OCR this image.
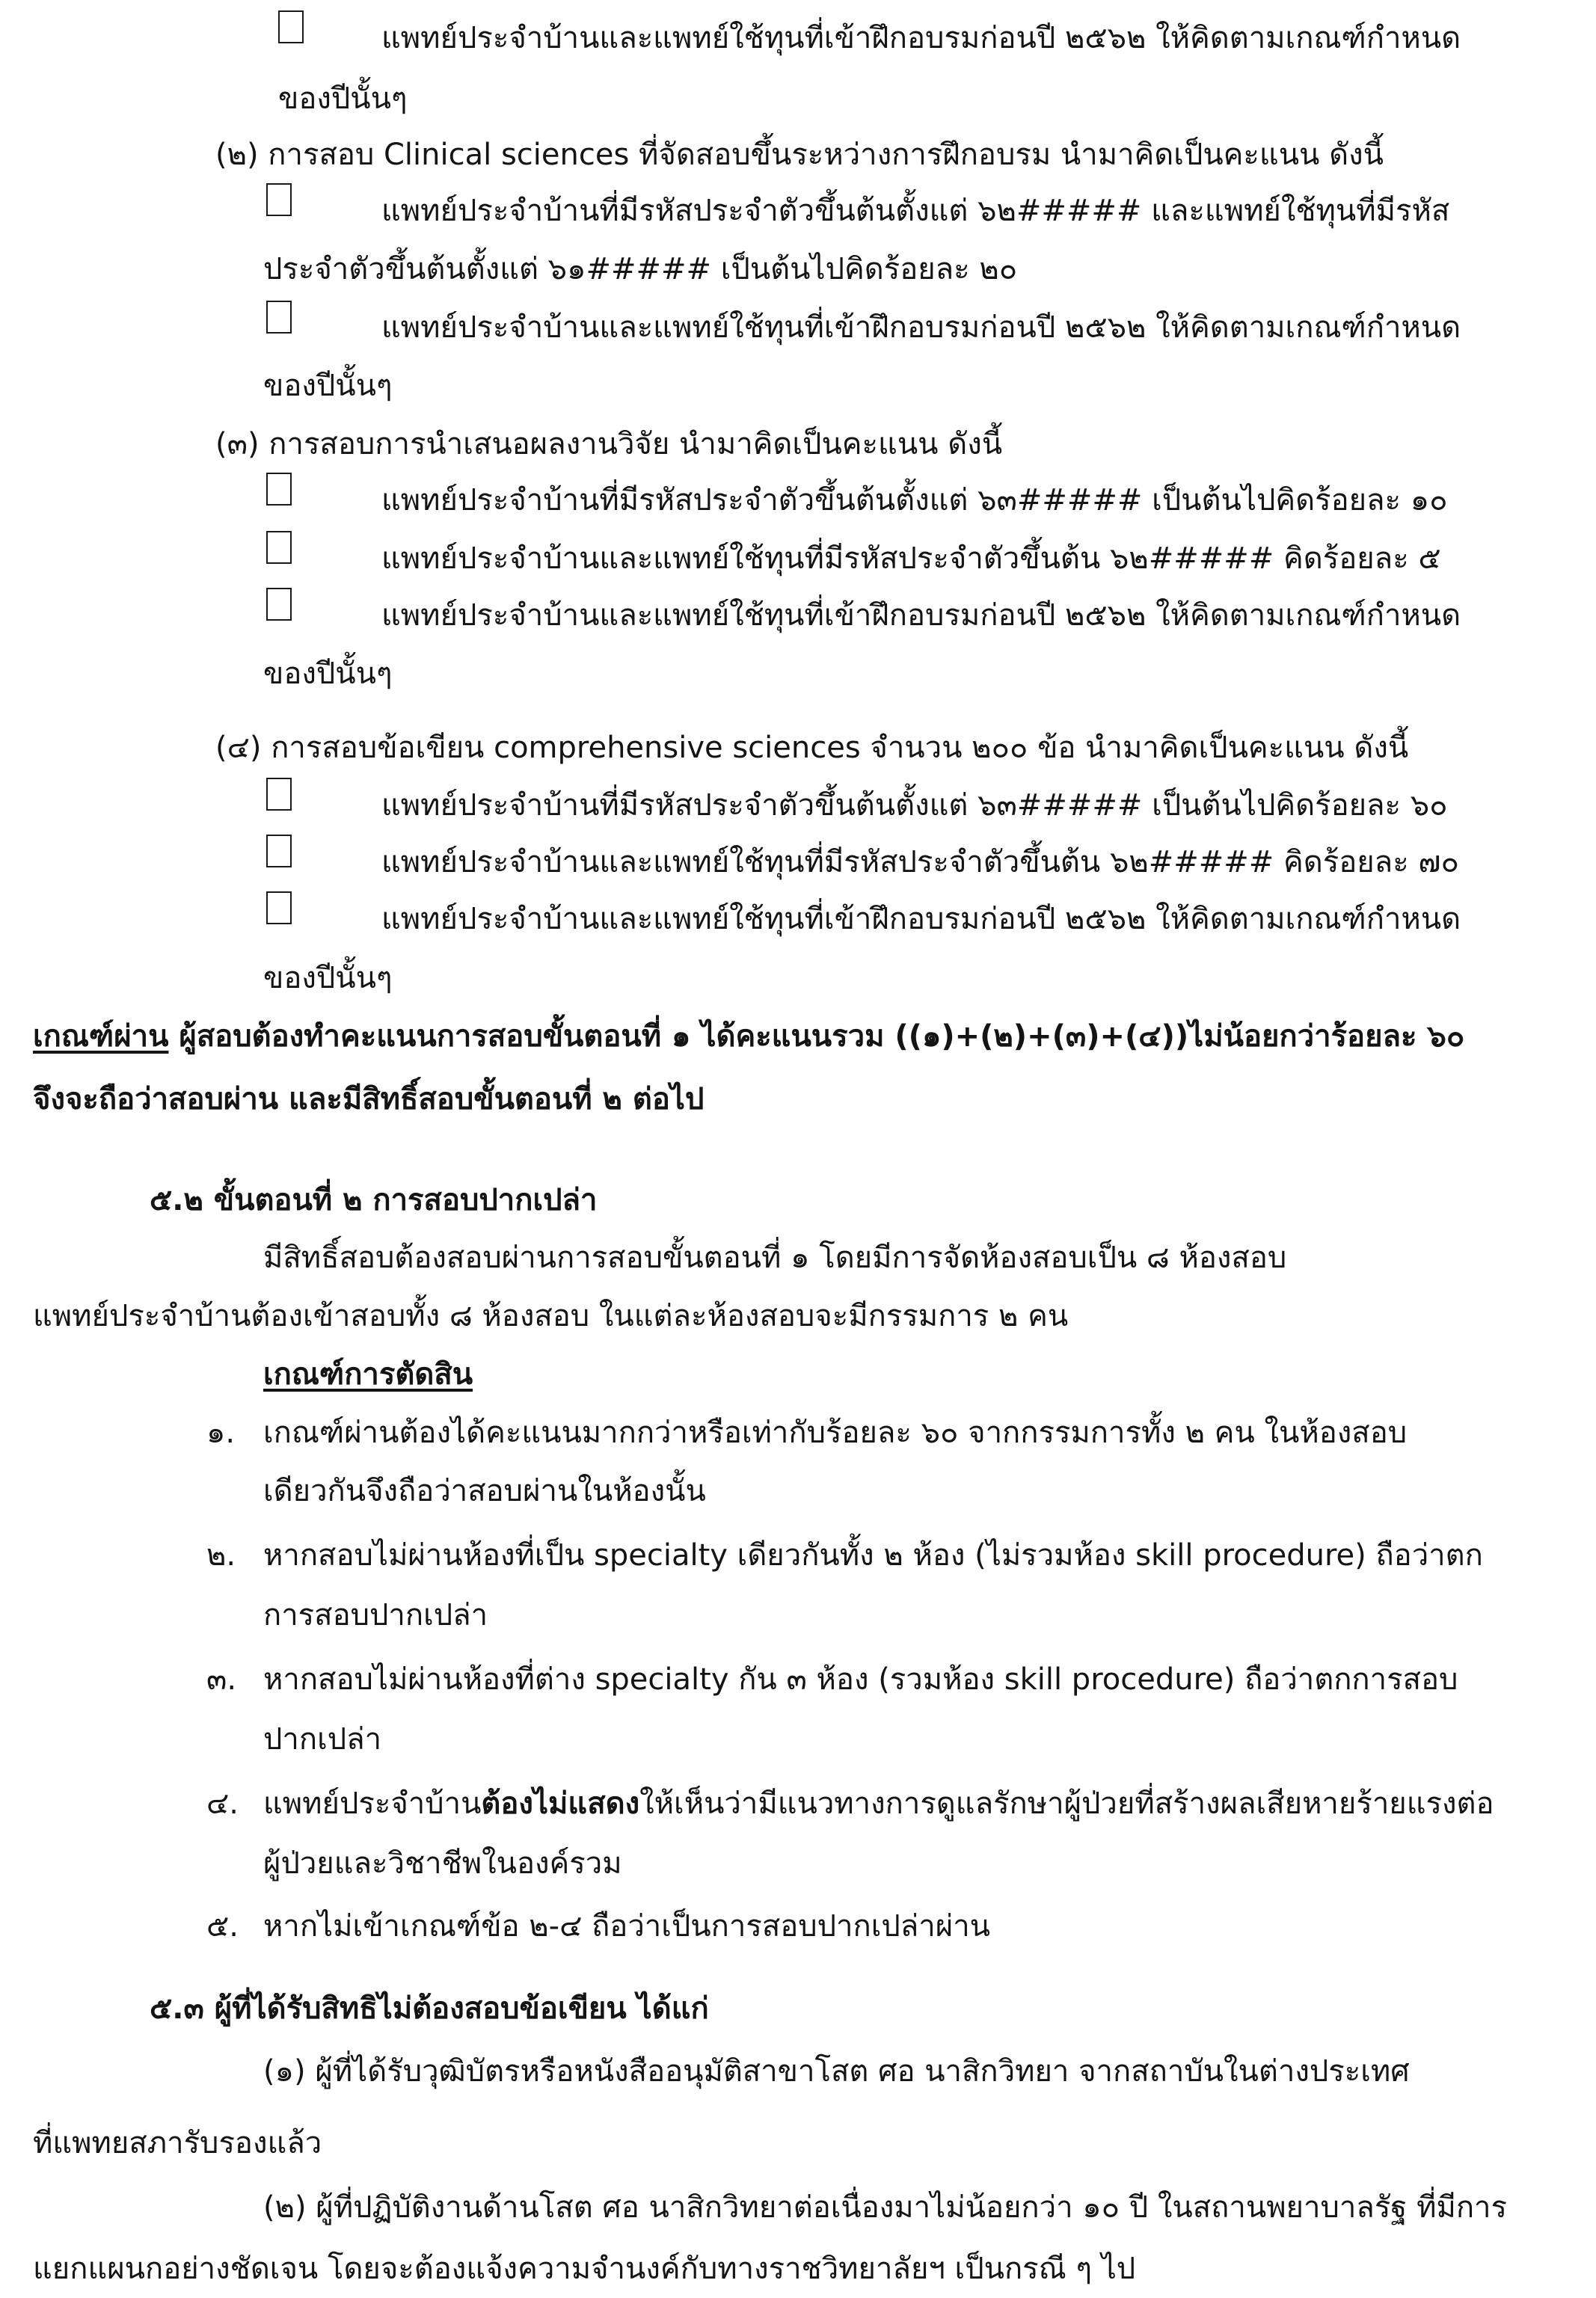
แพทย์ประจำบ้านและแพทย์ใช้ทุนที่เข้าฝึกอบรมก่อนปี ๒๕๖๒ ให้คิดตามเกณฑ์กำหนด
ของปีนั้นๆ
(๒) การสอบ Clinical sciences ที่จัดสอบขึ้นระหว่างการฝึกอบรม นำมาคิดเป็นคะแนน ดังนี้
แพทย์ประจำบ้านที่มีรหัสประจำตัวขึ้นต้นตั้งแต่ ๖๒##### และแพทย์ใช้ทุนที่มีรหัส
ประจำตัวขึ้นต้นตั้งแต่ ๖๑##### เป็นต้นไปคิดร้อยละ ๒๐
แพทย์ประจำบ้านและแพทย์ใช้ทุนที่เข้าฝึกอบรมก่อนปี ๒๕๖๒ ให้คิดตามเกณฑ์กำหนด
ของปีนั้นๆ
(๓) การสอบการนำเสนอผลงานวิจัย นำมาคิดเป็นคะแนน ดังนี้
แพทย์ประจำบ้านที่มีรหัสประจำตัวขึ้นต้นตั้งแต่ ๖๓##### เป็นต้นไปคิดร้อยละ ๑๐
แพทย์ประจำบ้านและแพทย์ใช้ทุนที่มีรหัสประจำตัวขึ้นต้น ๖๒##### คิดร้อยละ ๕
แพทย์ประจำบ้านและแพทย์ใช้ทุนที่เข้าฝึกอบรมก่อนปี ๒๕๖๒ ให้คิดตามเกณฑ์กำหนด
ของปีนั้นๆ
(๔) การสอบข้อเขียน comprehensive sciences จำนวน ๒๐๐ ข้อ นำมาคิดเป็นคะแนน ดังนี้
แพทย์ประจำบ้านที่มีรหัสประจำตัวขึ้นต้นตั้งแต่ ๖๓##### เป็นต้นไปคิดร้อยละ ๖๐
แพทย์ประจำบ้านและแพทย์ใช้ทุนที่มีรหัสประจำตัวขึ้นต้น ๖๒##### คิดร้อยละ ๗๐
แพทย์ประจำบ้านและแพทย์ใช้ทุนที่เข้าฝึกอบรมก่อนปี ๒๕๖๒ ให้คิดตามเกณฑ์กำหนด
ของปีนั้นๆ
เกณฑ์ผ่าน ผู้สอบต้องทำคะแนนการสอบขั้นตอนที่ ๑ ได้คะแนนรวม ((๑)+(๒)+(๓)+(๔))ไม่น้อยกว่าร้อยละ ๖๐
จึงจะถือว่าสอบผ่าน และมีสิทธิ์สอบขั้นตอนที่ ๒ ต่อไป
๕.๒ ขั้นตอนที่ ๒ การสอบปากเปล่า
มีสิทธิ์สอบต้องสอบผ่านการสอบขั้นตอนที่ ๑ โดยมีการจัดห้องสอบเป็น ๘ ห้องสอบ
แพทย์ประจำบ้านต้องเข้าสอบทั้ง ๘ ห้องสอบ ในแต่ละห้องสอบจะมีกรรมการ ๒ คน
เกณฑ์การตัดสิน
๑. เกณฑ์ผ่านต้องได้คะแนนมากกว่าหรือเท่ากับร้อยละ ๖๐ จากกรรมการทั้ง ๒ คน ในห้องสอบ
เดียวกันจึงถือว่าสอบผ่านในห้องนั้น
๒. หากสอบไม่ผ่านห้องที่เป็น specialty เดียวกันทั้ง ๒ ห้อง (ไม่รวมห้อง skill procedure) ถือว่าตก
การสอบปากเปล่า
๓. หากสอบไม่ผ่านห้องที่ต่าง specialty กัน ๓ ห้อง (รวมห้อง skill procedure) ถือว่าตกการสอบ
ปากเปล่า
๔. แพทย์ประจำบ้านต้องไม่แสดงให้เห็นว่ามีแนวทางการดูแลรักษาผู้ป่วยที่สร้างผลเสียหายร้ายแรงต่อ
ผู้ป่วยและวิชาชีพในองค์รวม
๕. หากไม่เข้าเกณฑ์ข้อ ๒-๔ ถือว่าเป็นการสอบปากเปล่าผ่าน
๕.๓ ผู้ที่ได้รับสิทธิไม่ต้องสอบข้อเขียน ได้แก่
(๑) ผู้ที่ได้รับวุฒิบัตรหรือหนังสืออนุมัติสาขาโสต ศอ นาสิกวิทยา จากสถาบันในต่างประเทศ
ที่แพทยสภารับรองแล้ว
(๒) ผู้ที่ปฏิบัติงานด้านโสต ศอ นาสิกวิทยาต่อเนื่องมาไม่น้อยกว่า ๑๐ ปี ในสถานพยาบาลรัฐ ที่มีการ
แยกแผนกอย่างชัดเจน โดยจะต้องแจ้งความจำนงค์กับทางราชวิทยาลัยฯ เป็นกรณี ๆ ไป
